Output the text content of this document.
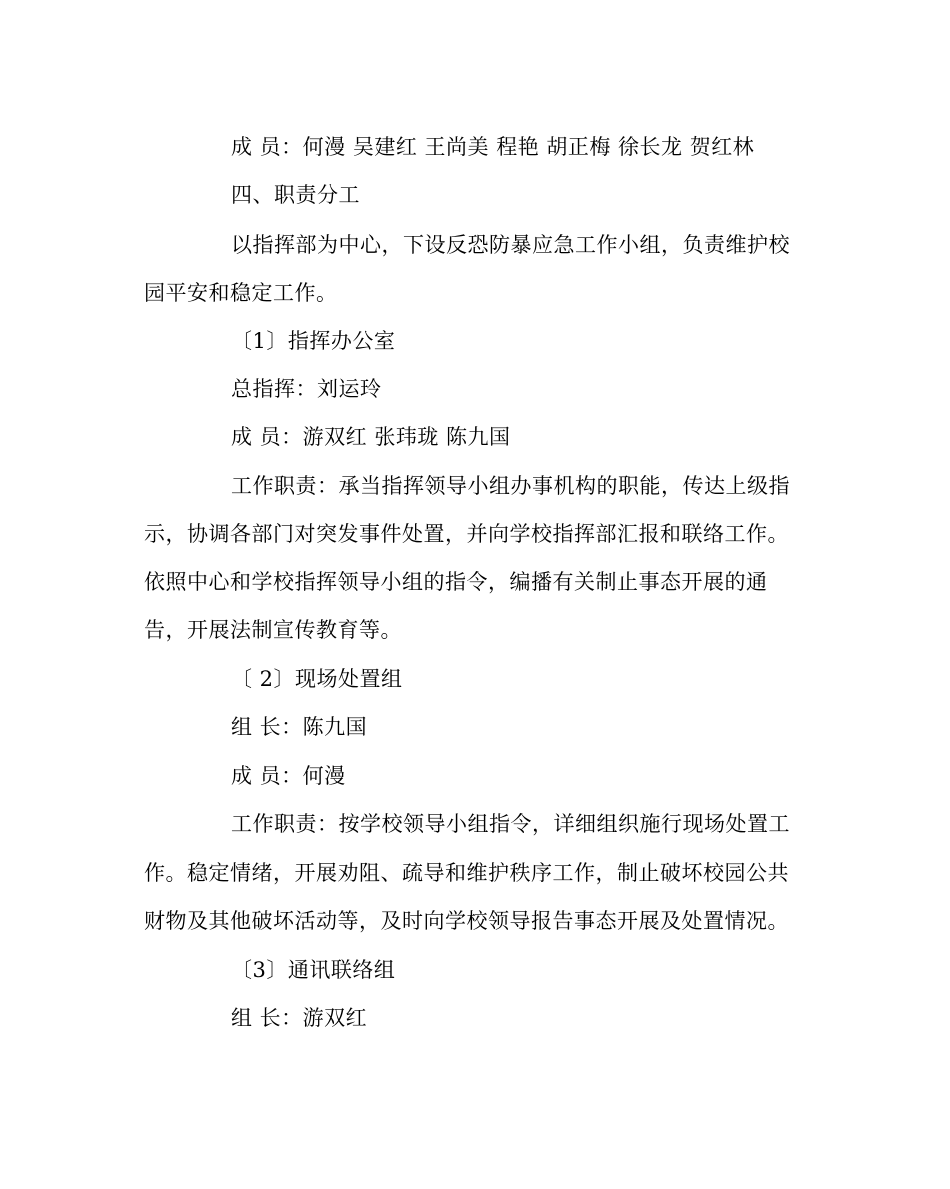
成 员：何漫 吴建红 王尚美 程艳 胡正梅 徐长龙 贺红林
四、职责分工
以指挥部为中心，下设反恐防暴应急工作小组，负责维护校
园平安和稳定工作。
〔1〕指挥办公室
总指挥：刘运玲
成 员：游双红 张玮珑 陈九国
工作职责：承当指挥领导小组办事机构的职能，传达上级指
示，协调各部门对突发事件处置，并向学校指挥部汇报和联络工作。
依照中心和学校指挥领导小组的指令，编播有关制止事态开展的通
告，开展法制宣传教育等。
〔 2〕现场处置组
组 长：陈九国
成 员：何漫
工作职责：按学校领导小组指令，详细组织施行现场处置工
作。稳定情绪，开展劝阻、疏导和维护秩序工作，制止破坏校园公共
财物及其他破坏活动等，及时向学校领导报告事态开展及处置情况。
〔3〕通讯联络组
组 长：游双红
